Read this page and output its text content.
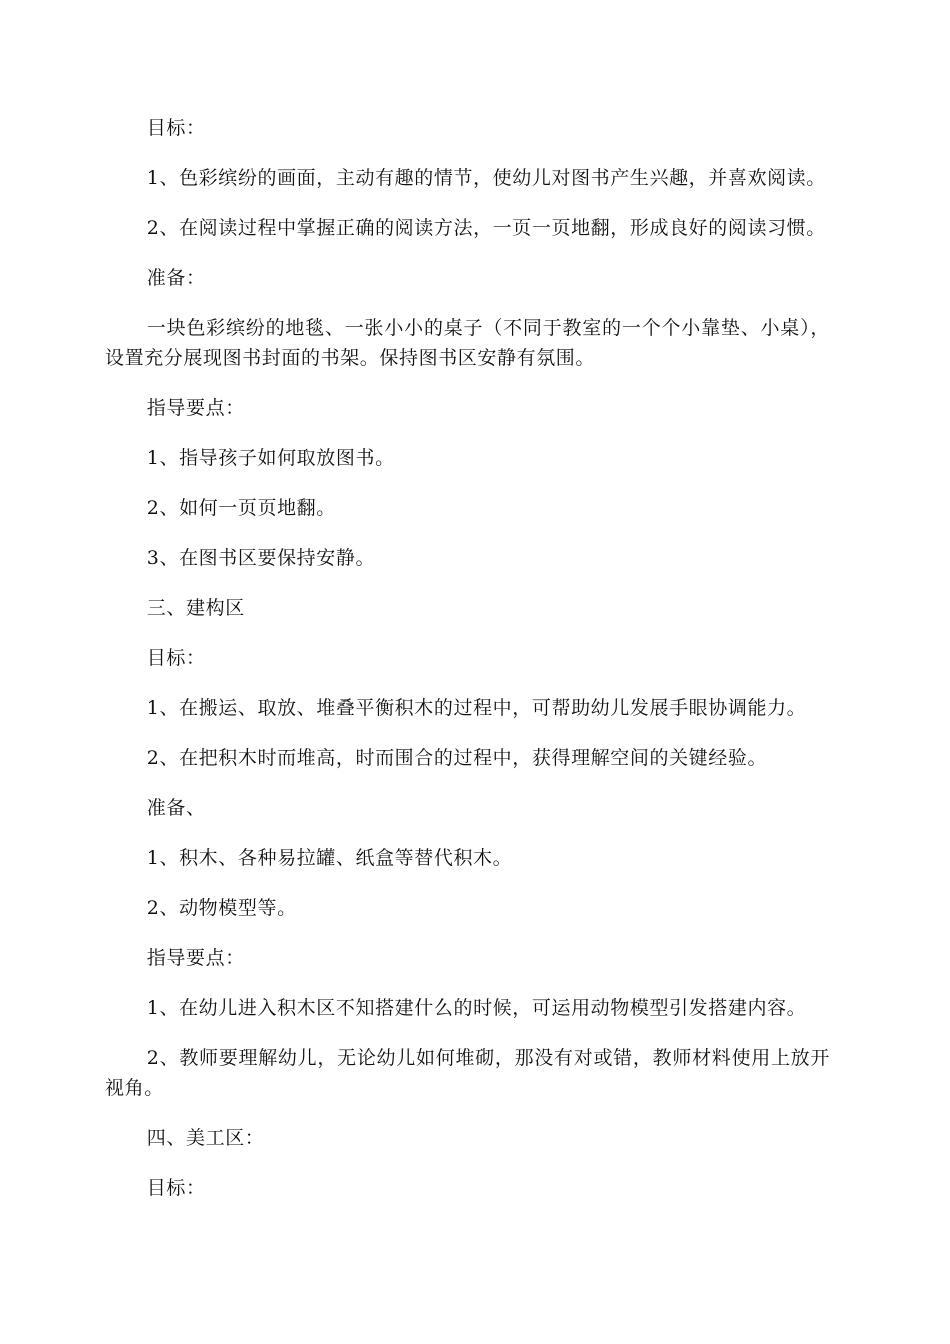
目标：

1、色彩缤纷的画面，主动有趣的情节，使幼儿对图书产生兴趣，并喜欢阅读。

2、在阅读过程中掌握正确的阅读方法，一页一页地翻，形成良好的阅读习惯。

准备：

一块色彩缤纷的地毯、一张小小的桌子（不同于教室的一个个小靠垫、小桌），设置充分展现图书封面的书架。保持图书区安静有氛围。

指导要点：

1、指导孩子如何取放图书。

2、如何一页页地翻。

3、在图书区要保持安静。

三、建构区

目标：

1、在搬运、取放、堆叠平衡积木的过程中，可帮助幼儿发展手眼协调能力。

2、在把积木时而堆高，时而围合的过程中，获得理解空间的关键经验。

准备、

1、积木、各种易拉罐、纸盒等替代积木。

2、动物模型等。

指导要点：

1、在幼儿进入积木区不知搭建什么的时候，可运用动物模型引发搭建内容。

2、教师要理解幼儿，无论幼儿如何堆砌，那没有对或错，教师材料使用上放开视角。

四、美工区：

目标：
